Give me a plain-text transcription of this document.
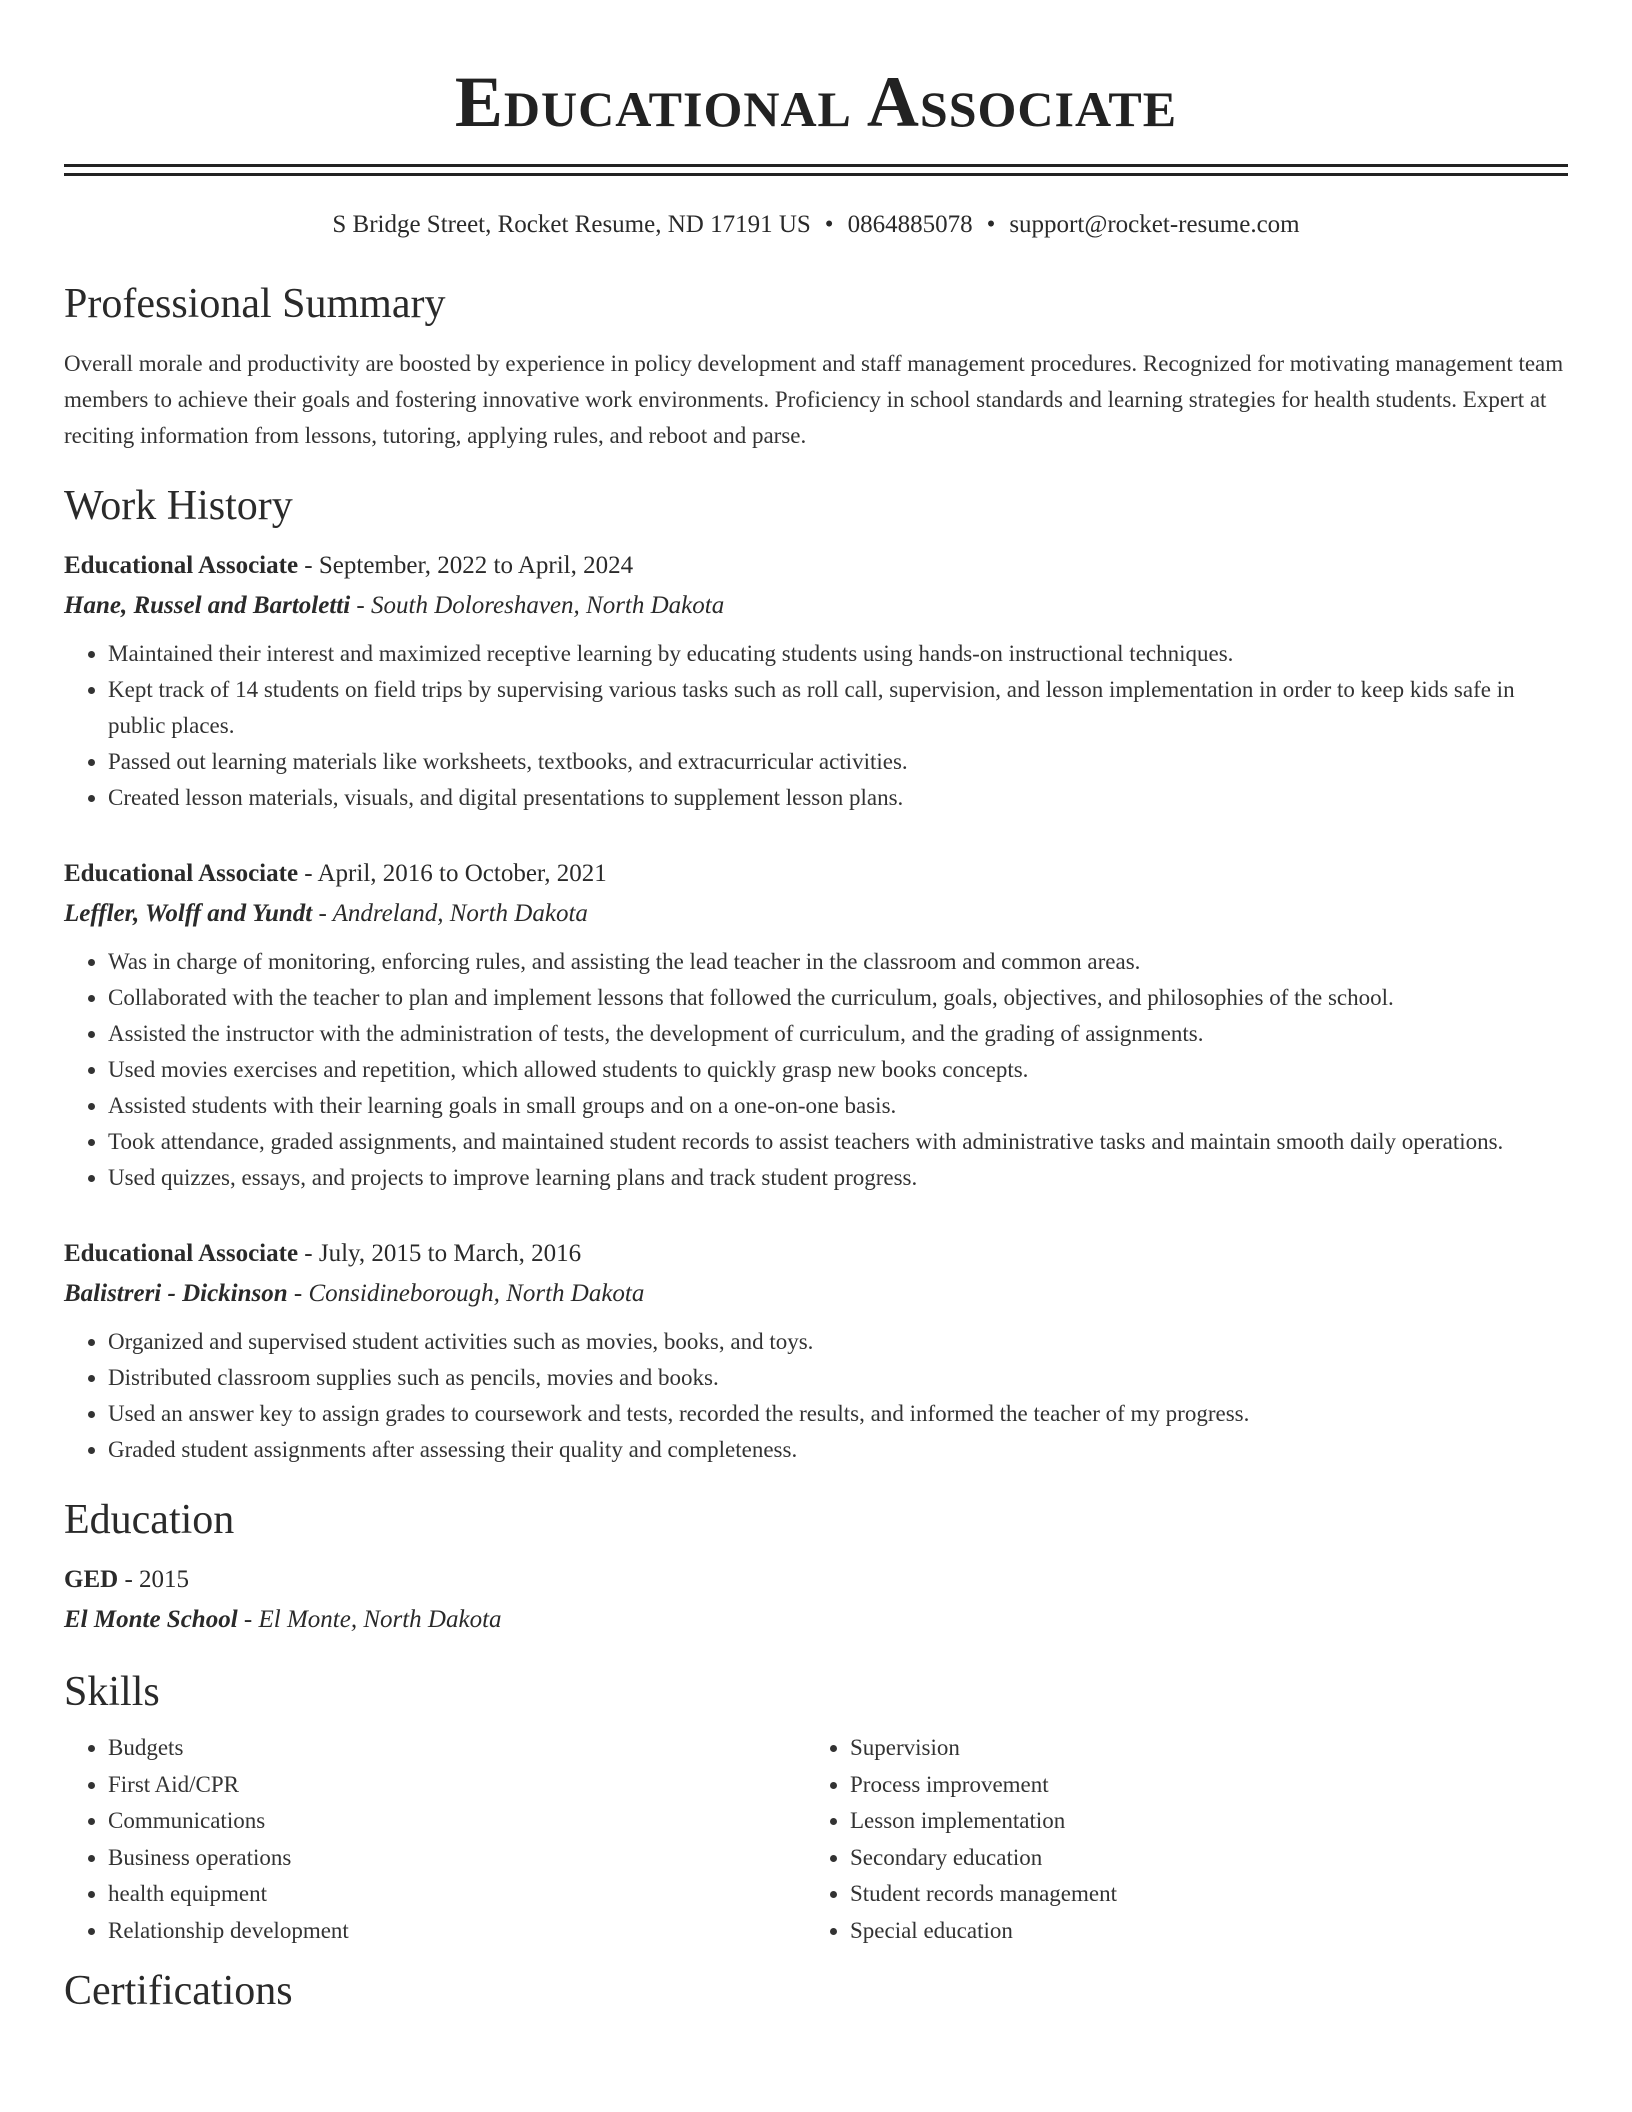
Educational Associate
S Bridge Street, Rocket Resume, ND 17191 US • 0864885078 • support@rocket-resume.com
Professional Summary

Overall morale and productivity are boosted by experience in policy development and staff management procedures. Recognized for motivating management team members to achieve their goals and fostering innovative work environments. Proficiency in school standards and learning strategies for health students. Expert at reciting information from lessons, tutoring, applying rules, and reboot and parse.

Work History
Educational Associate - September, 2022 to April, 2024
Hane, Russel and Bartoletti - South Doloreshaven, North Dakota
• Maintained their interest and maximized receptive learning by educating students using hands-on instructional techniques.
• Kept track of 14 students on field trips by supervising various tasks such as roll call, supervision, and lesson implementation in order to keep kids safe in public places.
• Passed out learning materials like worksheets, textbooks, and extracurricular activities.
• Created lesson materials, visuals, and digital presentations to supplement lesson plans.
Educational Associate - April, 2016 to October, 2021
Leffler, Wolff and Yundt - Andreland, North Dakota
• Was in charge of monitoring, enforcing rules, and assisting the lead teacher in the classroom and common areas.
• Collaborated with the teacher to plan and implement lessons that followed the curriculum, goals, objectives, and philosophies of the school.
• Assisted the instructor with the administration of tests, the development of curriculum, and the grading of assignments.
• Used movies exercises and repetition, which allowed students to quickly grasp new books concepts.
• Assisted students with their learning goals in small groups and on a one-on-one basis.
• Took attendance, graded assignments, and maintained student records to assist teachers with administrative tasks and maintain smooth daily operations.
• Used quizzes, essays, and projects to improve learning plans and track student progress.
Educational Associate - July, 2015 to March, 2016
Balistreri - Dickinson - Considineborough, North Dakota
• Organized and supervised student activities such as movies, books, and toys.
• Distributed classroom supplies such as pencils, movies and books.
• Used an answer key to assign grades to coursework and tests, recorded the results, and informed the teacher of my progress.
• Graded student assignments after assessing their quality and completeness.
Education
GED - 2015
El Monte School - El Monte, North Dakota
Skills
• Budgets
• First Aid/CPR
• Communications
• Business operations
• health equipment
• Relationship development
• Supervision
• Process improvement
• Lesson implementation
• Secondary education
• Student records management
• Special education
Certifications
